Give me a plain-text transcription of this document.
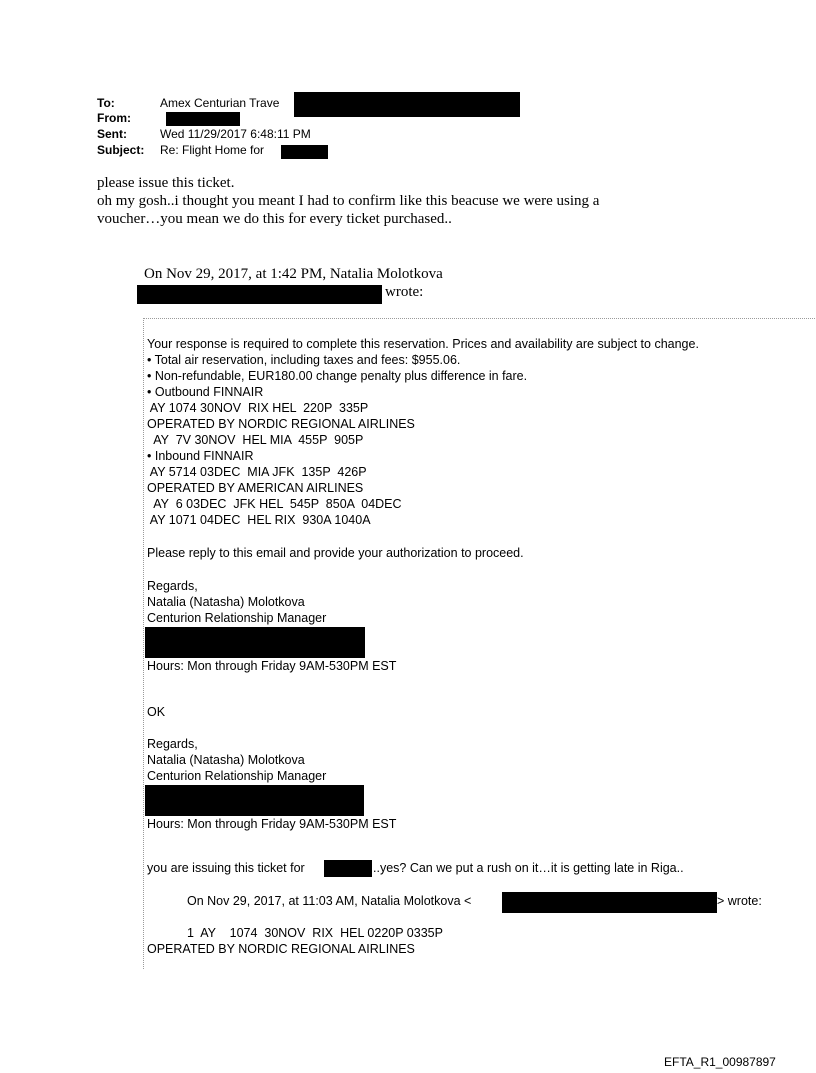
To:	Amex Centurian Trave
From:
Sent:	Wed 11/29/2017 6:48:11 PM
Subject: Re: Flight Home for
please issue this ticket.
oh my gosh..i thought you meant I had to confirm like this beacuse we were using a
voucher…you mean we do this for every ticket purchased..
On Nov 29, 2017, at 1:42 PM, Natalia Molotkova
wrote:
Your response is required to complete this reservation. Prices and availability are subject to change.
• Total air reservation, including taxes and fees: $955.06.
• Non-refundable, EUR180.00 change penalty plus difference in fare.
• Outbound FINNAIR
AY 1074 30NOV  RIX HEL  220P  335P
OPERATED BY NORDIC REGIONAL AIRLINES
AY  7V 30NOV  HEL MIA  455P  905P
• Inbound FINNAIR
AY 5714 03DEC  MIA JFK  135P  426P
OPERATED BY AMERICAN AIRLINES
AY  6 03DEC  JFK HEL  545P  850A  04DEC
AY 1071 04DEC  HEL RIX  930A 1040A
Please reply to this email and provide your authorization to proceed.
Regards,
Natalia (Natasha) Molotkova
Centurion Relationship Manager
Hours: Mon through Friday 9AM-530PM EST
OK
Regards,
Natalia (Natasha) Molotkova
Centurion Relationship Manager
Hours: Mon through Friday 9AM-530PM EST
you are issuing this ticket for	..yes? Can we put a rush on it…it is getting late in Riga..
On Nov 29, 2017, at 11:03 AM, Natalia Molotkova <	> wrote:
1  AY    1074  30NOV  RIX  HEL 0220P 0335P
OPERATED BY NORDIC REGIONAL AIRLINES
EFTA_R1_00987897
